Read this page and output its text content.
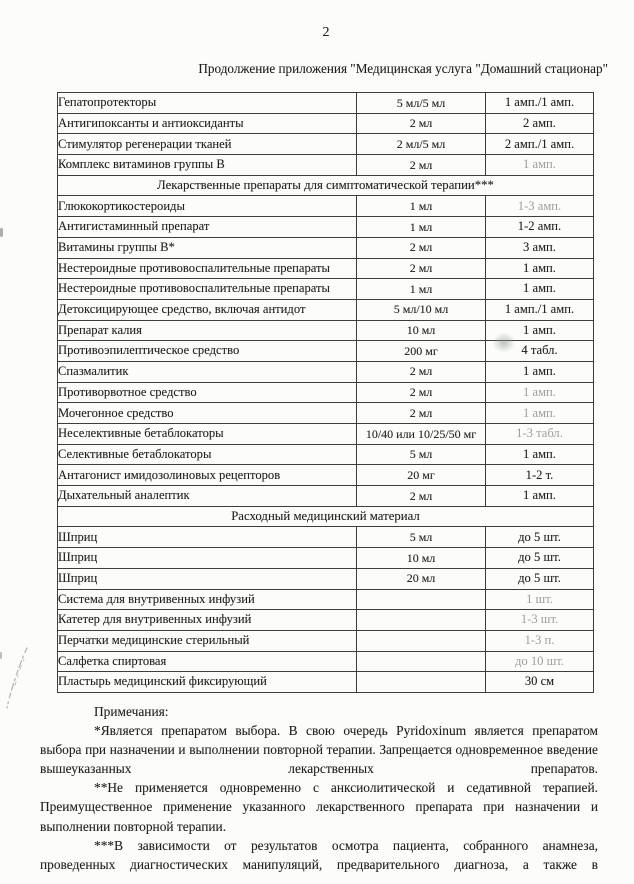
2
Продолжение приложения "Медицинская услуга "Домашний стационар"
Гепатопротекторы	5 мл/5 мл	1 амп./1 амп.
Антигипоксанты и антиоксиданты	2 мл	2 амп.
Стимулятор регенерации тканей	2 мл/5 мл	2 амп./1 амп.
Комплекс витаминов группы В	2 мл	1 амп.
Лекарственные препараты для симптоматической терапии***		
Глюкокортикостероиды	1 мл	1-3 амп.
Антигистаминный препарат	1 мл	1-2 амп.
Витамины группы В*	2 мл	3 амп.
Нестероидные противовоспалительные препараты	2 мл	1 амп.
Нестероидные противовоспалительные препараты	1 мл	1 амп.
Детоксицирующее средство, включая антидот	5 мл/10 мл	1 амп./1 амп.
Препарат калия	10 мл	1 амп.
Противоэпилептическое средство	200 мг	4 табл.
Спазмалитик	2 мл	1 амп.
Противорвотное средство	2 мл	1 амп.
Мочегонное средство	2 мл	1 амп.
Неселективные бетаблокаторы	10/40 или 10/25/50 мг	1-3 табл.
Селективные бетаблокаторы	5 мл	1 амп.
Антагонист имидозолиновых рецепторов	20 мг	1-2 т.
Дыхательный аналептик	2 мл	1 амп.
Расходный медицинский материал		
Шприц	5 мл	до 5 шт.
Шприц	10 мл	до 5 шт.
Шприц	20 мл	до 5 шт.
Система для внутривенных инфузий		1 шт.
Катетер для внутривенных инфузий		1-3 шт.
Перчатки медицинские стерильный		1-3 п.
Салфетка спиртовая		до 10 шт.
Пластырь медицинский фиксирующий		30 см

Примечания:

*Является препаратом выбора. В свою очередь Pyridoxinum является препаратом выбора при назначении и выполнении повторной терапии. Запрещается одновременное введение вышеуказанных лекарственных препаратов.

**Не применяется одновременно с анксиолитической и седативной терапией. Преимущественное применение указанного лекарственного препарата при назначении и выполнении повторной терапии.

***В зависимости от результатов осмотра пациента, собранного анамнеза, проведенных диагностических манипуляций, предварительного диагноза, а также в
